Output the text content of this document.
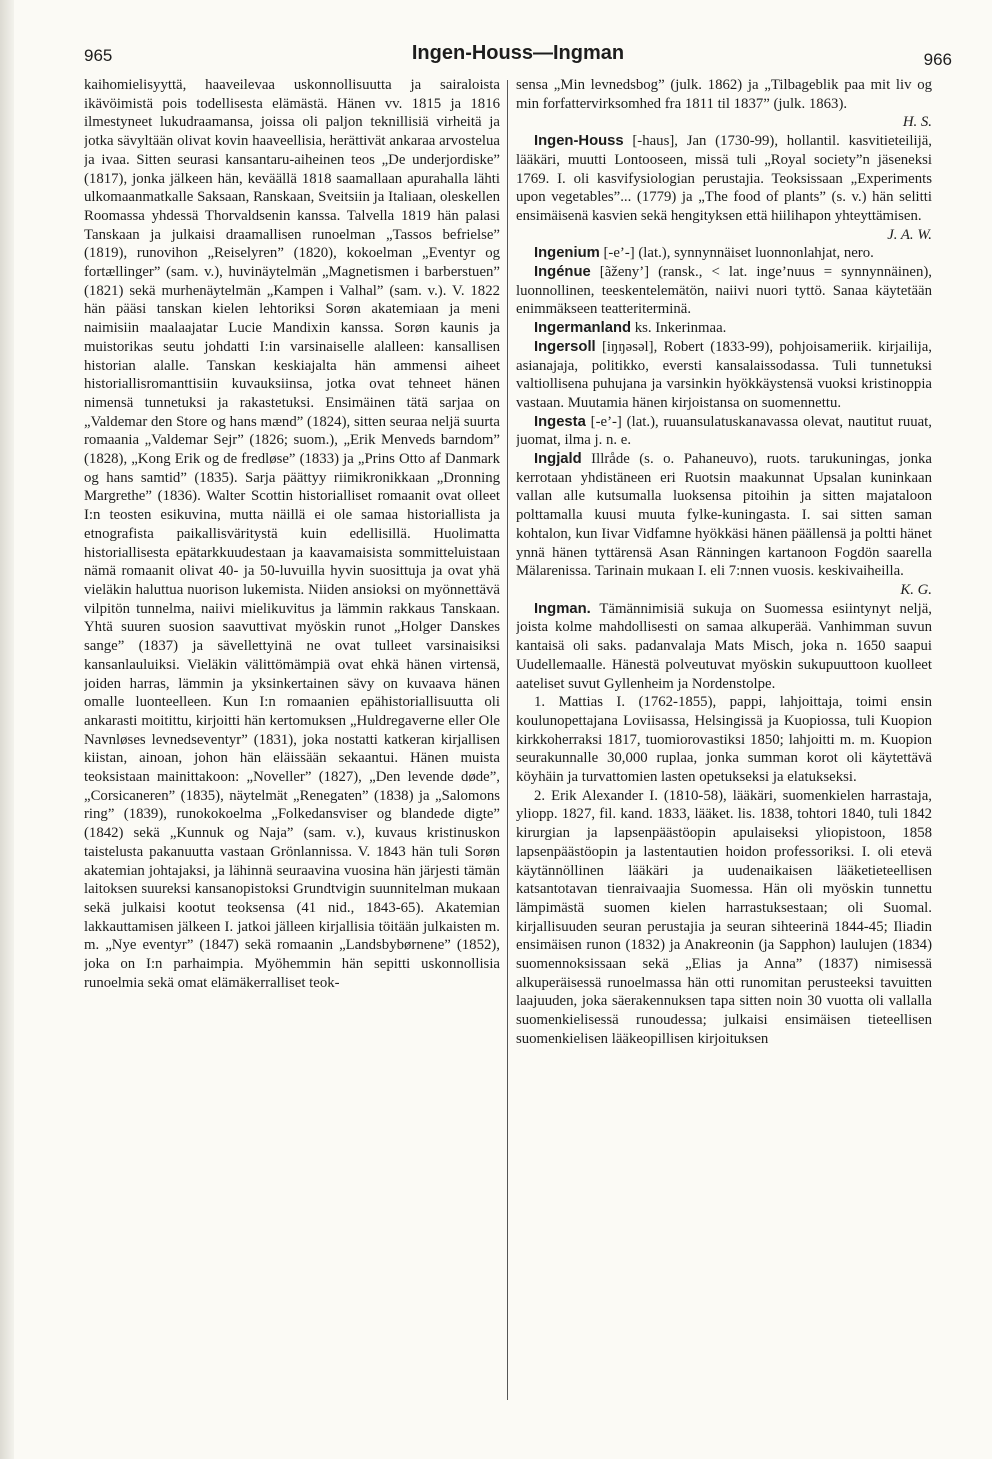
965	Ingen-Houss—Ingman	966

kaihomielisyyttä, haaveilevaa uskonnollisuutta ja sairaloista ikävöimistä pois todellisesta elämästä. Hänen vv. 1815 ja 1816 ilmestyneet lukudraamansa, joissa oli paljon teknillisiä virheitä ja jotka sävyltään olivat kovin haaveellisia, herättivät ankaraa arvostelua ja ivaa. Sitten seurasi kansantaru-aiheinen teos „De underjordiske” (1817), jonka jälkeen hän, keväällä 1818 saamallaan apurahalla lähti ulkomaanmatkalle Saksaan, Ranskaan, Sveitsiin ja Italiaan, oleskellen Roomassa yhdessä Thorvaldsenin kanssa. Talvella 1819 hän palasi Tanskaan ja julkaisi draamallisen runoelman „Tassos befrielse” (1819), runovihon „Reiselyren” (1820), kokoelman „Eventyr og fortællinger” (sam. v.), huvinäytelmän „Magnetismen i barberstuen” (1821) sekä murhenäytelmän „Kampen i Valhal” (sam. v.). V. 1822 hän pääsi tanskan kielen lehtoriksi Sorøn akatemiaan ja meni naimisiin maalaajatar Lucie Mandixin kanssa. Sorøn kaunis ja muistorikas seutu johdatti I:in varsinaiselle alalleen: kansallisen historian alalle. Tanskan keskiajalta hän ammensi aiheet historiallisromanttisiin kuvauksiinsa, jotka ovat tehneet hänen nimensä tunnetuksi ja rakastetuksi. Ensimäinen tätä sarjaa on „Valdemar den Store og hans mænd” (1824), sitten seuraa neljä suurta romaania „Valdemar Sejr” (1826; suom.), „Erik Menveds barndom” (1828), „Kong Erik og de fredløse” (1833) ja „Prins Otto af Danmark og hans samtid” (1835). Sarja päättyy riimikronikkaan „Dronning Margrethe” (1836). Walter Scottin historialliset romaanit ovat olleet I:n teosten esikuvina, mutta näillä ei ole samaa historiallista ja etnografista paikallisväritystä kuin edellisillä. Huolimatta historiallisesta epätarkkuudestaan ja kaavamaisista sommitteluistaan nämä romaanit olivat 40- ja 50-luvuilla hyvin suosittuja ja ovat yhä vieläkin haluttua nuorison lukemista. Niiden ansioksi on myönnettävä vilpitön tunnelma, naiivi mielikuvitus ja lämmin rakkaus Tanskaan. Yhtä suuren suosion saavuttivat myöskin runot „Holger Danskes sange” (1837) ja sävellettyinä ne ovat tulleet varsinaisiksi kansanlauluiksi. Vieläkin välittömämpiä ovat ehkä hänen virtensä, joiden harras, lämmin ja yksinkertainen sävy on kuvaava hänen omalle luonteelleen. Kun I:n romaanien epähistoriallisuutta oli ankarasti moitittu, kirjoitti hän kertomuksen „Huldregaverne eller Ole Navnløses levnedseventyr” (1831), joka nostatti katkeran kirjallisen kiistan, ainoan, johon hän eläissään sekaantui. Hänen muista teoksistaan mainittakoon: „Noveller” (1827), „Den levende døde”, „Corsicaneren” (1835), näytelmät „Renegaten” (1838) ja „Salomons ring” (1839), runokokoelma „Folkedansviser og blandede digte” (1842) sekä „Kunnuk og Naja” (sam. v.), kuvaus kristinuskon taistelusta pakanuutta vastaan Grönlannissa. V. 1843 hän tuli Sorøn akatemian johtajaksi, ja lähinnä seuraavina vuosina hän järjesti tämän laitoksen suureksi kansanopistoksi Grundtvigin suunnitelman mukaan sekä julkaisi kootut teoksensa (41 nid., 1843-65). Akatemian lakkauttamisen jälkeen I. jatkoi jälleen kirjallisia töitään julkaisten m. m. „Nye eventyr” (1847) sekä romaanin „Landsbybørnene” (1852), joka on I:n parhaimpia. Myöhemmin hän sepitti uskonnollisia runoelmia sekä omat elämäkerralliset teok-

sensa „Min levnedsbog” (julk. 1862) ja „Tilbageblik paa mit liv og min forfattervirksomhed fra 1811 til 1837” (julk. 1863).

H. S.

Ingen-Houss [-haus], Jan (1730-99), hollantil. kasvitieteilijä, lääkäri, muutti Lontooseen, missä tuli „Royal society”n jäseneksi 1769. I. oli kasvifysiologian perustajia. Teoksissaan „Experiments upon vegetables”... (1779) ja „The food of plants” (s. v.) hän selitti ensimäisenä kasvien sekä hengityksen että hiilihapon yhteyttämisen.

J. A. W.

Ingenium [-e’-] (lat.), synnynnäiset luonnonlahjat, nero.

Ingénue [ãženy’] (ransk., < lat. inge’nuus = synnynnäinen), luonnollinen, teeskentelemätön, naiivi nuori tyttö. Sanaa käytetään enimmäkseen teatteriterminä.

Ingermanland ks. Inkerinmaa.

Ingersoll [iŋŋəsəl], Robert (1833-99), pohjoisameriik. kirjailija, asianajaja, politikko, eversti kansalaissodassa. Tuli tunnetuksi valtiollisena puhujana ja varsinkin hyökkäystensä vuoksi kristinoppia vastaan. Muutamia hänen kirjoistansa on suomennettu.

Ingesta [-e’-] (lat.), ruuansulatuskanavassa olevat, nautitut ruuat, juomat, ilma j. n. e.

Ingjald Illråde (s. o. Pahaneuvo), ruots. tarukuningas, jonka kerrotaan yhdistäneen eri Ruotsin maakunnat Upsalan kuninkaan vallan alle kutsumalla luoksensa pitoihin ja sitten majataloon polttamalla kuusi muuta fylke-kuningasta. I. sai sitten saman kohtalon, kun Iivar Vidfamne hyökkäsi hänen päällensä ja poltti hänet ynnä hänen tyttärensä Asan Ränningen kartanoon Fogdön saarella Mälarenissa. Tarinain mukaan I. eli 7:nnen vuosis. keskivaiheilla.

K. G.

Ingman. Tämännimisiä sukuja on Suomessa esiintynyt neljä, joista kolme mahdollisesti on samaa alkuperää. Vanhimman suvun kantaisä oli saks. padanvalaja Mats Misch, joka n. 1650 saapui Uudellemaalle. Hänestä polveutuvat myöskin sukupuuttoon kuolleet aateliset suvut Gyllenheim ja Nordenstolpe.

1. Mattias I. (1762-1855), pappi, lahjoittaja, toimi ensin koulunopettajana Loviisassa, Helsingissä ja Kuopiossa, tuli Kuopion kirkkoherraksi 1817, tuomiorovastiksi 1850; lahjoitti m. m. Kuopion seurakunnalle 30,000 ruplaa, jonka summan korot oli käytettävä köyhäin ja turvattomien lasten opetukseksi ja elatukseksi.

2. Erik Alexander I. (1810-58), lääkäri, suomenkielen harrastaja, yliopp. 1827, fil. kand. 1833, lääket. lis. 1838, tohtori 1840, tuli 1842 kirurgian ja lapsenpäästöopin apulaiseksi yliopistoon, 1858 lapsenpäästöopin ja lastentautien hoidon professoriksi. I. oli etevä käytännöllinen lääkäri ja uudenaikaisen lääketieteellisen katsantotavan tienraivaajia Suomessa. Hän oli myöskin tunnettu lämpimästä suomen kielen harrastuksestaan; oli Suomal. kirjallisuuden seuran perustajia ja seuran sihteerinä 1844-45; Iliadin ensimäisen runon (1832) ja Anakreonin (ja Sapphon) laulujen (1834) suomennoksissaan sekä „Elias ja Anna” (1837) nimisessä alkuperäisessä runoelmassa hän otti runomitan perusteeksi tavuitten laajuuden, joka säerakennuksen tapa sitten noin 30 vuotta oli vallalla suomenkielisessä runoudessa; julkaisi ensimäisen tieteellisen suomenkielisen lääkeopillisen kirjoituksen
